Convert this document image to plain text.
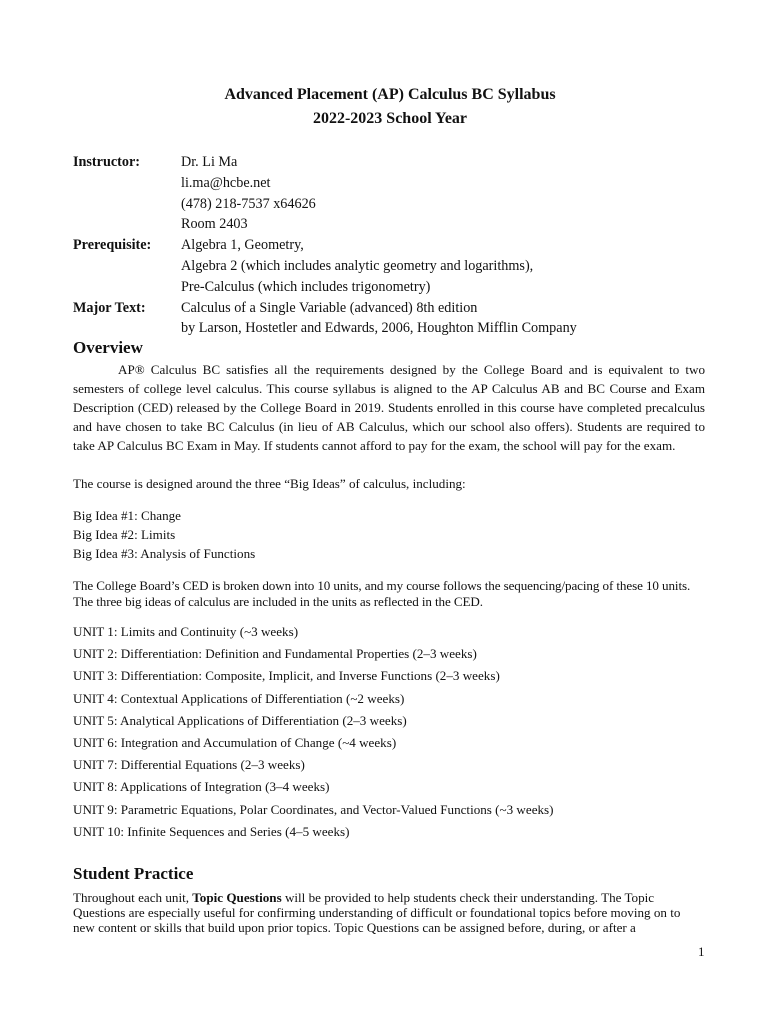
Advanced Placement (AP) Calculus BC Syllabus
2022-2023 School Year
Instructor:	Dr. Li Ma
li.ma@hcbe.net
(478) 218-7537 x64626
Room 2403
Prerequisite:	Algebra 1, Geometry,
Algebra 2 (which includes analytic geometry and logarithms),
Pre-Calculus (which includes trigonometry)
Major Text:	Calculus of a Single Variable (advanced) 8th edition
by Larson, Hostetler and Edwards, 2006, Houghton Mifflin Company
Overview
AP® Calculus BC satisfies all the requirements designed by the College Board and is equivalent to two semesters of college level calculus. This course syllabus is aligned to the AP Calculus AB and BC Course and Exam Description (CED) released by the College Board in 2019. Students enrolled in this course have completed precalculus and have chosen to take BC Calculus (in lieu of AB Calculus, which our school also offers). Students are required to take AP Calculus BC Exam in May. If students cannot afford to pay for the exam, the school will pay for the exam.
The course is designed around the three “Big Ideas” of calculus, including:
Big Idea #1: Change
Big Idea #2: Limits
Big Idea #3: Analysis of Functions
The College Board’s CED is broken down into 10 units, and my course follows the sequencing/pacing of these 10 units. The three big ideas of calculus are included in the units as reflected in the CED.
UNIT 1: Limits and Continuity (~3 weeks)
UNIT 2: Differentiation: Definition and Fundamental Properties (2–3 weeks)
UNIT 3: Differentiation: Composite, Implicit, and Inverse Functions (2–3 weeks)
UNIT 4: Contextual Applications of Differentiation (~2 weeks)
UNIT 5: Analytical Applications of Differentiation (2–3 weeks)
UNIT 6: Integration and Accumulation of Change (~4 weeks)
UNIT 7: Differential Equations (2–3 weeks)
UNIT 8: Applications of Integration (3–4 weeks)
UNIT 9: Parametric Equations, Polar Coordinates, and Vector-Valued Functions (~3 weeks)
UNIT 10: Infinite Sequences and Series (4–5 weeks)
Student Practice
Throughout each unit, Topic Questions will be provided to help students check their understanding. The Topic Questions are especially useful for confirming understanding of difficult or foundational topics before moving on to new content or skills that build upon prior topics. Topic Questions can be assigned before, during, or after a
1
